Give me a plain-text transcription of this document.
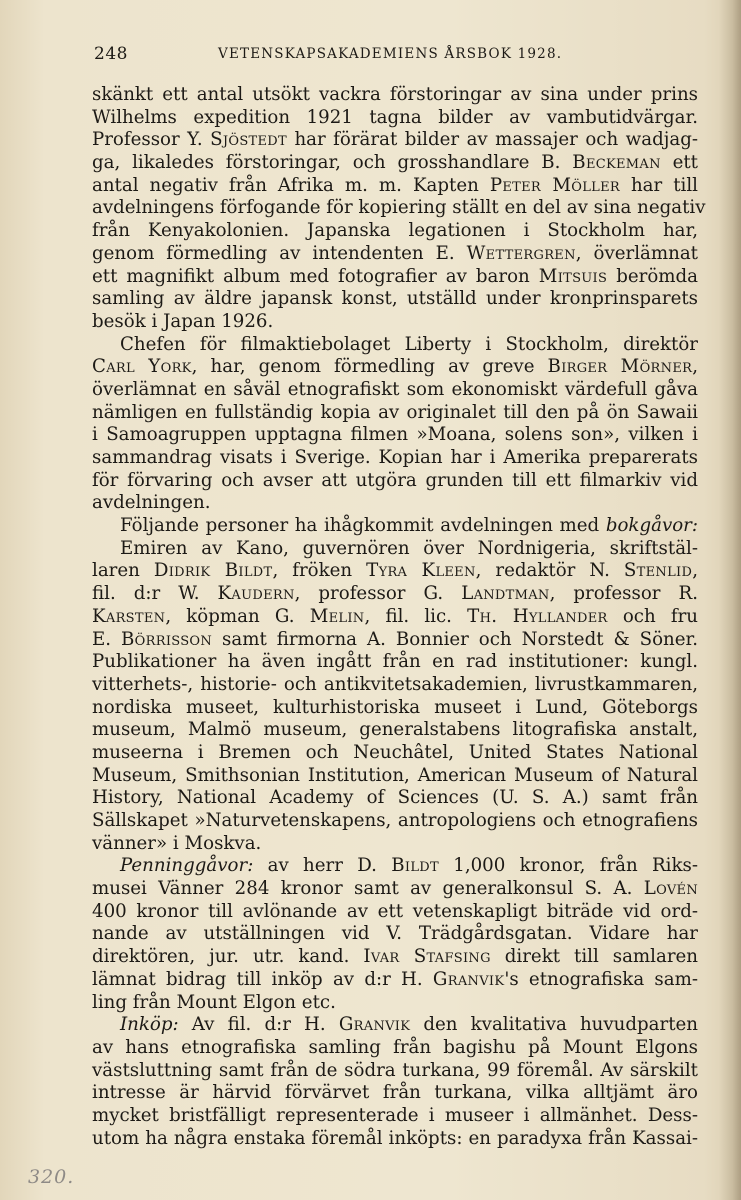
248	VETENSKAPSAKADEMIENS ÅRSBOK 1928.
skänkt ett antal utsökt vackra förstoringar av sina under prins
Wilhelms expedition 1921 tagna bilder av vambutidvärgar.
Professor Y. Sjöstedt har förärat bilder av massajer och wadjag-
ga, likaledes förstoringar, och grosshandlare B. Beckeman ett
antal negativ från Afrika m. m. Kapten Peter Möller har till
avdelningens förfogande för kopiering ställt en del av sina negativ
från Kenyakolonien. Japanska legationen i Stockholm har,
genom förmedling av intendenten E. Wettergren, överlämnat
ett magnifikt album med fotografier av baron Mitsuis berömda
samling av äldre japansk konst, utställd under kronprinsparets
besök i Japan 1926.
Chefen för filmaktiebolaget Liberty i Stockholm, direktör
Carl York, har, genom förmedling av greve Birger Mörner,
överlämnat en såväl etnografiskt som ekonomiskt värdefull gåva
nämligen en fullständig kopia av originalet till den på ön Sawaii
i Samoagruppen upptagna filmen »Moana, solens son», vilken i
sammandrag visats i Sverige. Kopian har i Amerika preparerats
för förvaring och avser att utgöra grunden till ett filmarkiv vid
avdelningen.
Följande personer ha ihågkommit avdelningen med bokgåvor:
Emiren av Kano, guvernören över Nordnigeria, skriftstäl-
laren Didrik Bildt, fröken Tyra Kleen, redaktör N. Stenlid,
fil. d:r W. Kaudern, professor G. Landtman, professor R.
Karsten, köpman G. Melin, fil. lic. Th. Hyllander och fru
E. Börrisson samt firmorna A. Bonnier och Norstedt & Söner.
Publikationer ha även ingått från en rad institutioner: kungl.
vitterhets-, historie- och antikvitetsakademien, livrustkammaren,
nordiska museet, kulturhistoriska museet i Lund, Göteborgs
museum, Malmö museum, generalstabens litografiska anstalt,
museerna i Bremen och Neuchâtel, United States National
Museum, Smithsonian Institution, American Museum of Natural
History, National Academy of Sciences (U. S. A.) samt från
Sällskapet »Naturvetenskapens, antropologiens och etnografiens
vänner» i Moskva.
Penninggåvor: av herr D. Bildt 1,000 kronor, från Riks-
musei Vänner 284 kronor samt av generalkonsul S. A. Lovén
400 kronor till avlönande av ett vetenskapligt biträde vid ord-
nande av utställningen vid V. Trädgårdsgatan. Vidare har
direktören, jur. utr. kand. Ivar Stafsing direkt till samlaren
lämnat bidrag till inköp av d:r H. Granvik's etnografiska sam-
ling från Mount Elgon etc.
Inköp: Av fil. d:r H. Granvik den kvalitativa huvudparten
av hans etnografiska samling från bagishu på Mount Elgons
västsluttning samt från de södra turkana, 99 föremål. Av särskilt
intresse är härvid förvärvet från turkana, vilka alltjämt äro
mycket bristfälligt representerade i museer i allmänhet. Dess-
utom ha några enstaka föremål inköpts: en paradyxa från Kassai-
320.
